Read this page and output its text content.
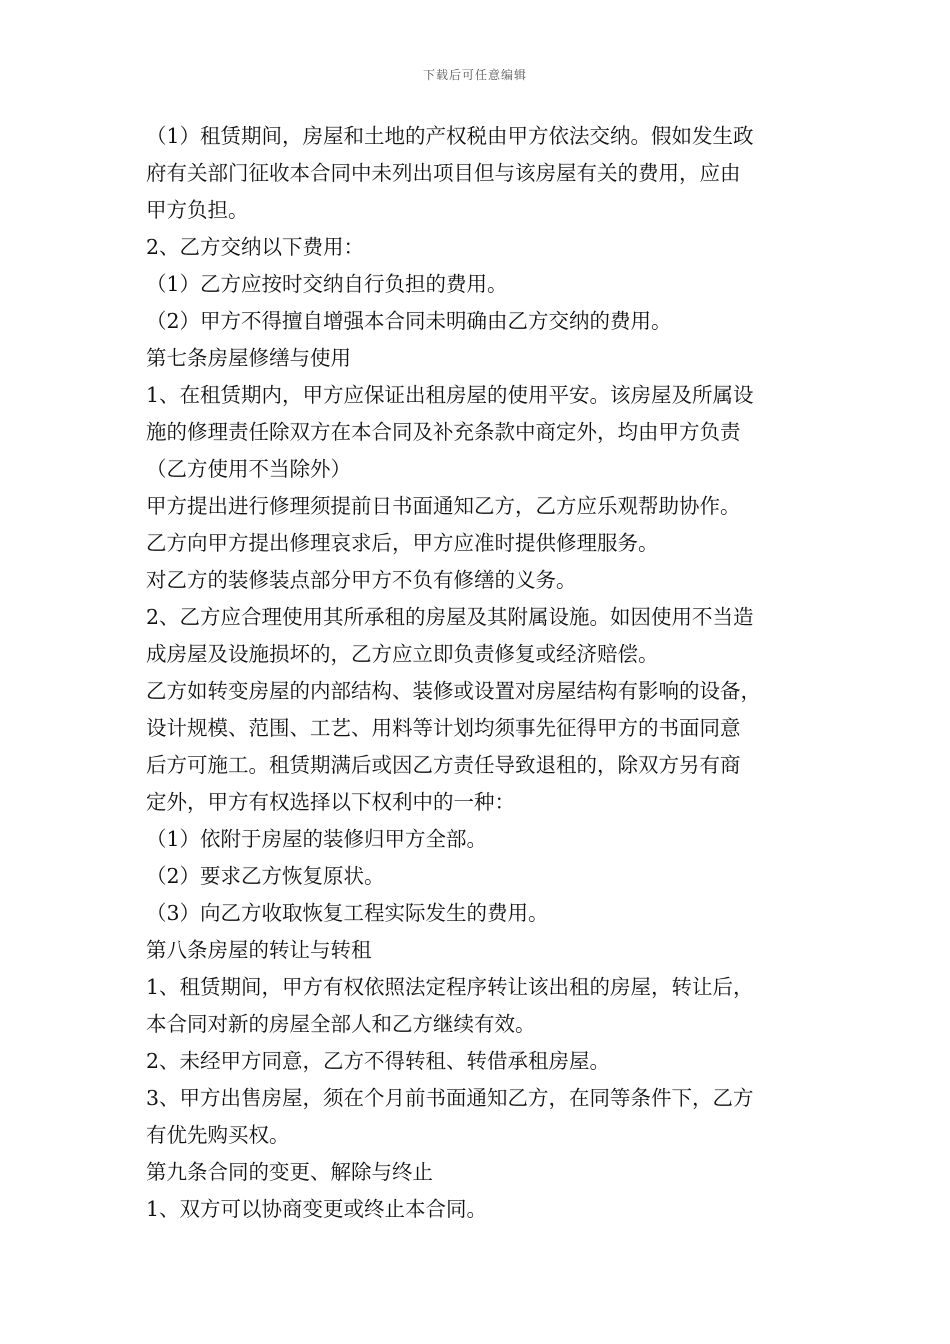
下载后可任意编辑

（1）租赁期间，房屋和土地的产权税由甲方依法交纳。假如发生政

府有关部门征收本合同中未列出项目但与该房屋有关的费用，应由

甲方负担。

2、乙方交纳以下费用：

（1）乙方应按时交纳自行负担的费用。

（2）甲方不得擅自增强本合同未明确由乙方交纳的费用。

第七条房屋修缮与使用

1、在租赁期内，甲方应保证出租房屋的使用平安。该房屋及所属设

施的修理责任除双方在本合同及补充条款中商定外，均由甲方负责

（乙方使用不当除外）

甲方提出进行修理须提前日书面通知乙方，乙方应乐观帮助协作。

乙方向甲方提出修理哀求后，甲方应准时提供修理服务。

对乙方的装修装点部分甲方不负有修缮的义务。

2、乙方应合理使用其所承租的房屋及其附属设施。如因使用不当造

成房屋及设施损坏的，乙方应立即负责修复或经济赔偿。

乙方如转变房屋的内部结构、装修或设置对房屋结构有影响的设备，

设计规模、范围、工艺、用料等计划均须事先征得甲方的书面同意

后方可施工。租赁期满后或因乙方责任导致退租的，除双方另有商

定外，甲方有权选择以下权利中的一种：

（1）依附于房屋的装修归甲方全部。

（2）要求乙方恢复原状。

（3）向乙方收取恢复工程实际发生的费用。

第八条房屋的转让与转租

1、租赁期间，甲方有权依照法定程序转让该出租的房屋，转让后，

本合同对新的房屋全部人和乙方继续有效。

2、未经甲方同意，乙方不得转租、转借承租房屋。

3、甲方出售房屋，须在个月前书面通知乙方，在同等条件下，乙方

有优先购买权。

第九条合同的变更、解除与终止

1、双方可以协商变更或终止本合同。
